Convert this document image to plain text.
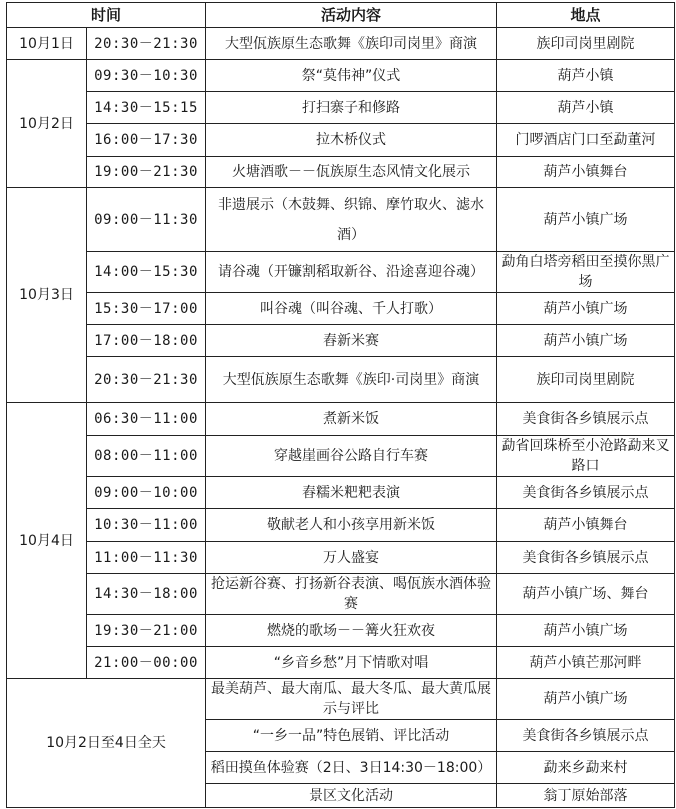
时间		活动内容	地点
10月1日	20:30－21:30	大型佤族原生态歌舞《族印司岗里》商演	族印司岗里剧院
10月2日	09:30－10:30	祭“莫伟神”仪式	葫芦小镇
	14:30－15:15	打扫寨子和修路	葫芦小镇
	16:00－17:30	拉木桥仪式	门啰酒店门口至勐董河
	19:00－21:30	火塘酒歌－－佤族原生态风情文化展示	葫芦小镇舞台
10月3日	09:00－11:30	非遗展示（木鼓舞、织锦、摩竹取火、滤水酒）	葫芦小镇广场
	14:00－15:30	请谷魂（开镰割稻取新谷、沿途喜迎谷魂）	勐角白塔旁稻田至摸你黑广场
	15:30－17:00	叫谷魂（叫谷魂、千人打歌）	葫芦小镇广场
	17:00－18:00	舂新米赛	葫芦小镇广场
	20:30－21:30	大型佤族原生态歌舞《族印·司岗里》商演	族印司岗里剧院
10月4日	06:30－11:00	煮新米饭	美食街各乡镇展示点
	08:00－11:00	穿越崖画谷公路自行车赛	勐省回珠桥至小沧路勐来叉路口
	09:00－10:00	舂糯米粑粑表演	美食街各乡镇展示点
	10:30－11:00	敬献老人和小孩享用新米饭	葫芦小镇舞台
	11:00－11:30	万人盛宴	美食街各乡镇展示点
	14:30－18:00	抢运新谷赛、打扬新谷表演、喝佤族水酒体验赛	葫芦小镇广场、舞台
	19:30－21:00	燃烧的歌场－－篝火狂欢夜	葫芦小镇广场
	21:00－00:00	“乡音乡愁”月下情歌对唱	葫芦小镇芒那河畔
10月2日至4日全天		最美葫芦、最大南瓜、最大冬瓜、最大黄瓜展示与评比	葫芦小镇广场
		“一乡一品”特色展销、评比活动	美食街各乡镇展示点
		稻田摸鱼体验赛（2日、3日14:30－18:00）	勐来乡勐来村
		景区文化活动	翁丁原始部落
